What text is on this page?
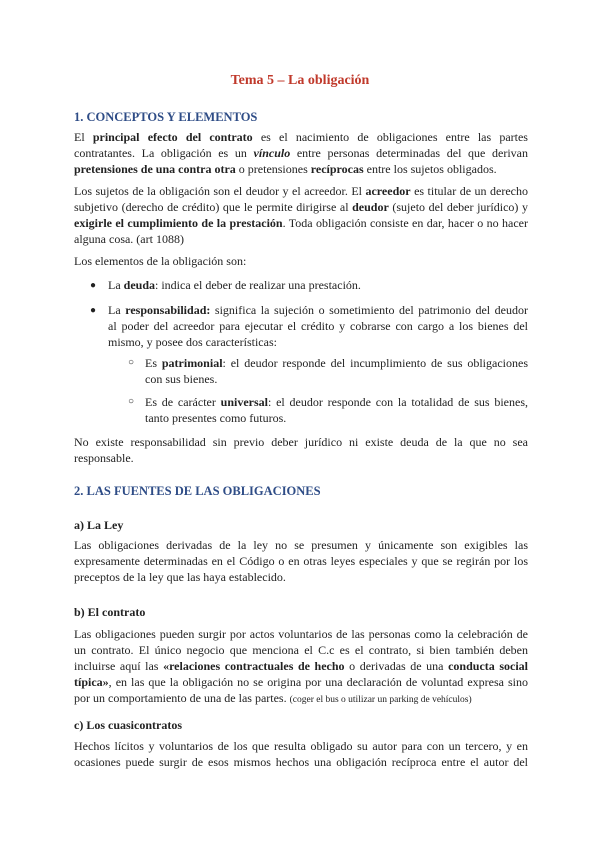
Tema 5 – La obligación
1. CONCEPTOS Y ELEMENTOS
El principal efecto del contrato es el nacimiento de obligaciones entre las partes
contratantes. La obligación es un vínculo entre personas determinadas del que derivan
pretensiones de una contra otra o pretensiones recíprocas entre los sujetos obligados.
Los sujetos de la obligación son el deudor y el acreedor. El acreedor es titular de un derecho
subjetivo (derecho de crédito) que le permite dirigirse al deudor (sujeto del deber jurídico) y
exigirle el cumplimiento de la prestación. Toda obligación consiste en dar, hacer o no hacer
alguna cosa. (art 1088)
Los elementos de la obligación son:
● La deuda: indica el deber de realizar una prestación.
● La responsabilidad: significa la sujeción o sometimiento del patrimonio del deudor
al poder del acreedor para ejecutar el crédito y cobrarse con cargo a los bienes del
mismo, y posee dos características:
○ Es patrimonial: el deudor responde del incumplimiento de sus obligaciones
con sus bienes.
○ Es de carácter universal: el deudor responde con la totalidad de sus bienes,
tanto presentes como futuros.
No existe responsabilidad sin previo deber jurídico ni existe deuda de la que no sea
responsable.
2. LAS FUENTES DE LAS OBLIGACIONES
a) La Ley
Las obligaciones derivadas de la ley no se presumen y únicamente son exigibles las
expresamente determinadas en el Código o en otras leyes especiales y que se regirán por los
preceptos de la ley que las haya establecido.
b) El contrato
Las obligaciones pueden surgir por actos voluntarios de las personas como la celebración de
un contrato. El único negocio que menciona el C.c es el contrato, si bien también deben
incluirse aquí las «relaciones contractuales de hecho o derivadas de una conducta social
típica», en las que la obligación no se origina por una declaración de voluntad expresa sino
por un comportamiento de una de las partes. (coger el bus o utilizar un parking de vehículos)
c) Los cuasicontratos
Hechos lícitos y voluntarios de los que resulta obligado su autor para con un tercero, y en
ocasiones puede surgir de esos mismos hechos una obligación recíproca entre el autor del
